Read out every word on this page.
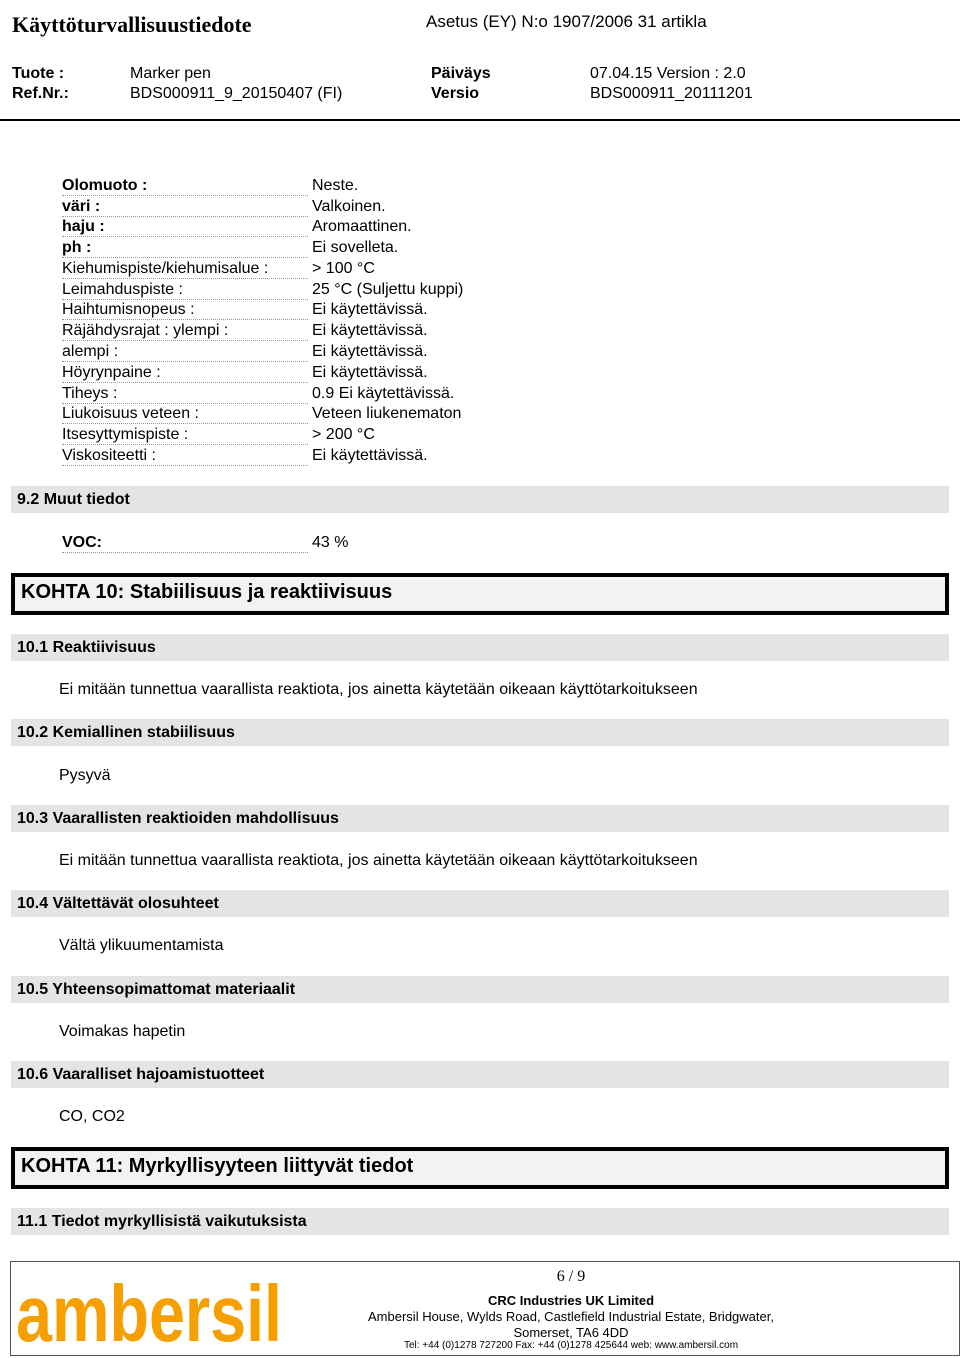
Käyttöturvallisuustiedote	Asetus (EY) N:o 1907/2006 31 artikla
Tuote :	Marker pen	Päiväys	07.04.15 Version : 2.0
Ref.Nr.:	BDS000911_9_20150407 (FI)	Versio	BDS000911_20111201
Olomuoto :	Neste.
väri :	Valkoinen.
haju :	Aromaattinen.
ph :	Ei sovelleta.
Kiehumispiste/kiehumisalue :	> 100 °C
Leimahduspiste :	25 °C (Suljettu kuppi)
Haihtumisnopeus :	Ei käytettävissä.
Räjähdysrajat : ylempi :	Ei käytettävissä.
alempi :	Ei käytettävissä.
Höyrynpaine :	Ei käytettävissä.
Tiheys :	0.9 Ei käytettävissä.
Liukoisuus veteen :	Veteen liukenematon
Itsesyttymispiste :	> 200 °C
Viskositeetti :	Ei käytettävissä.
9.2 Muut tiedot
VOC:	43 %
KOHTA 10: Stabiilisuus ja reaktiivisuus
10.1 Reaktiivisuus
Ei mitään tunnettua vaarallista reaktiota, jos ainetta käytetään oikeaan käyttötarkoitukseen
10.2 Kemiallinen stabiilisuus
Pysyvä
10.3 Vaarallisten reaktioiden mahdollisuus
Ei mitään tunnettua vaarallista reaktiota, jos ainetta käytetään oikeaan käyttötarkoitukseen
10.4 Vältettävät olosuhteet
Vältä ylikuumentamista
10.5 Yhteensopimattomat materiaalit
Voimakas hapetin
10.6 Vaaralliset hajoamistuotteet
CO, CO2
KOHTA 11: Myrkyllisyyteen liittyvät tiedot
11.1 Tiedot myrkyllisistä vaikutuksista
ambersil	6 / 9
CRC Industries UK Limited
Ambersil House, Wylds Road, Castlefield Industrial Estate, Bridgwater,
Somerset, TA6 4DD
Tel: +44 (0)1278 727200 Fax: +44 (0)1278 425644 web: www.ambersil.com
